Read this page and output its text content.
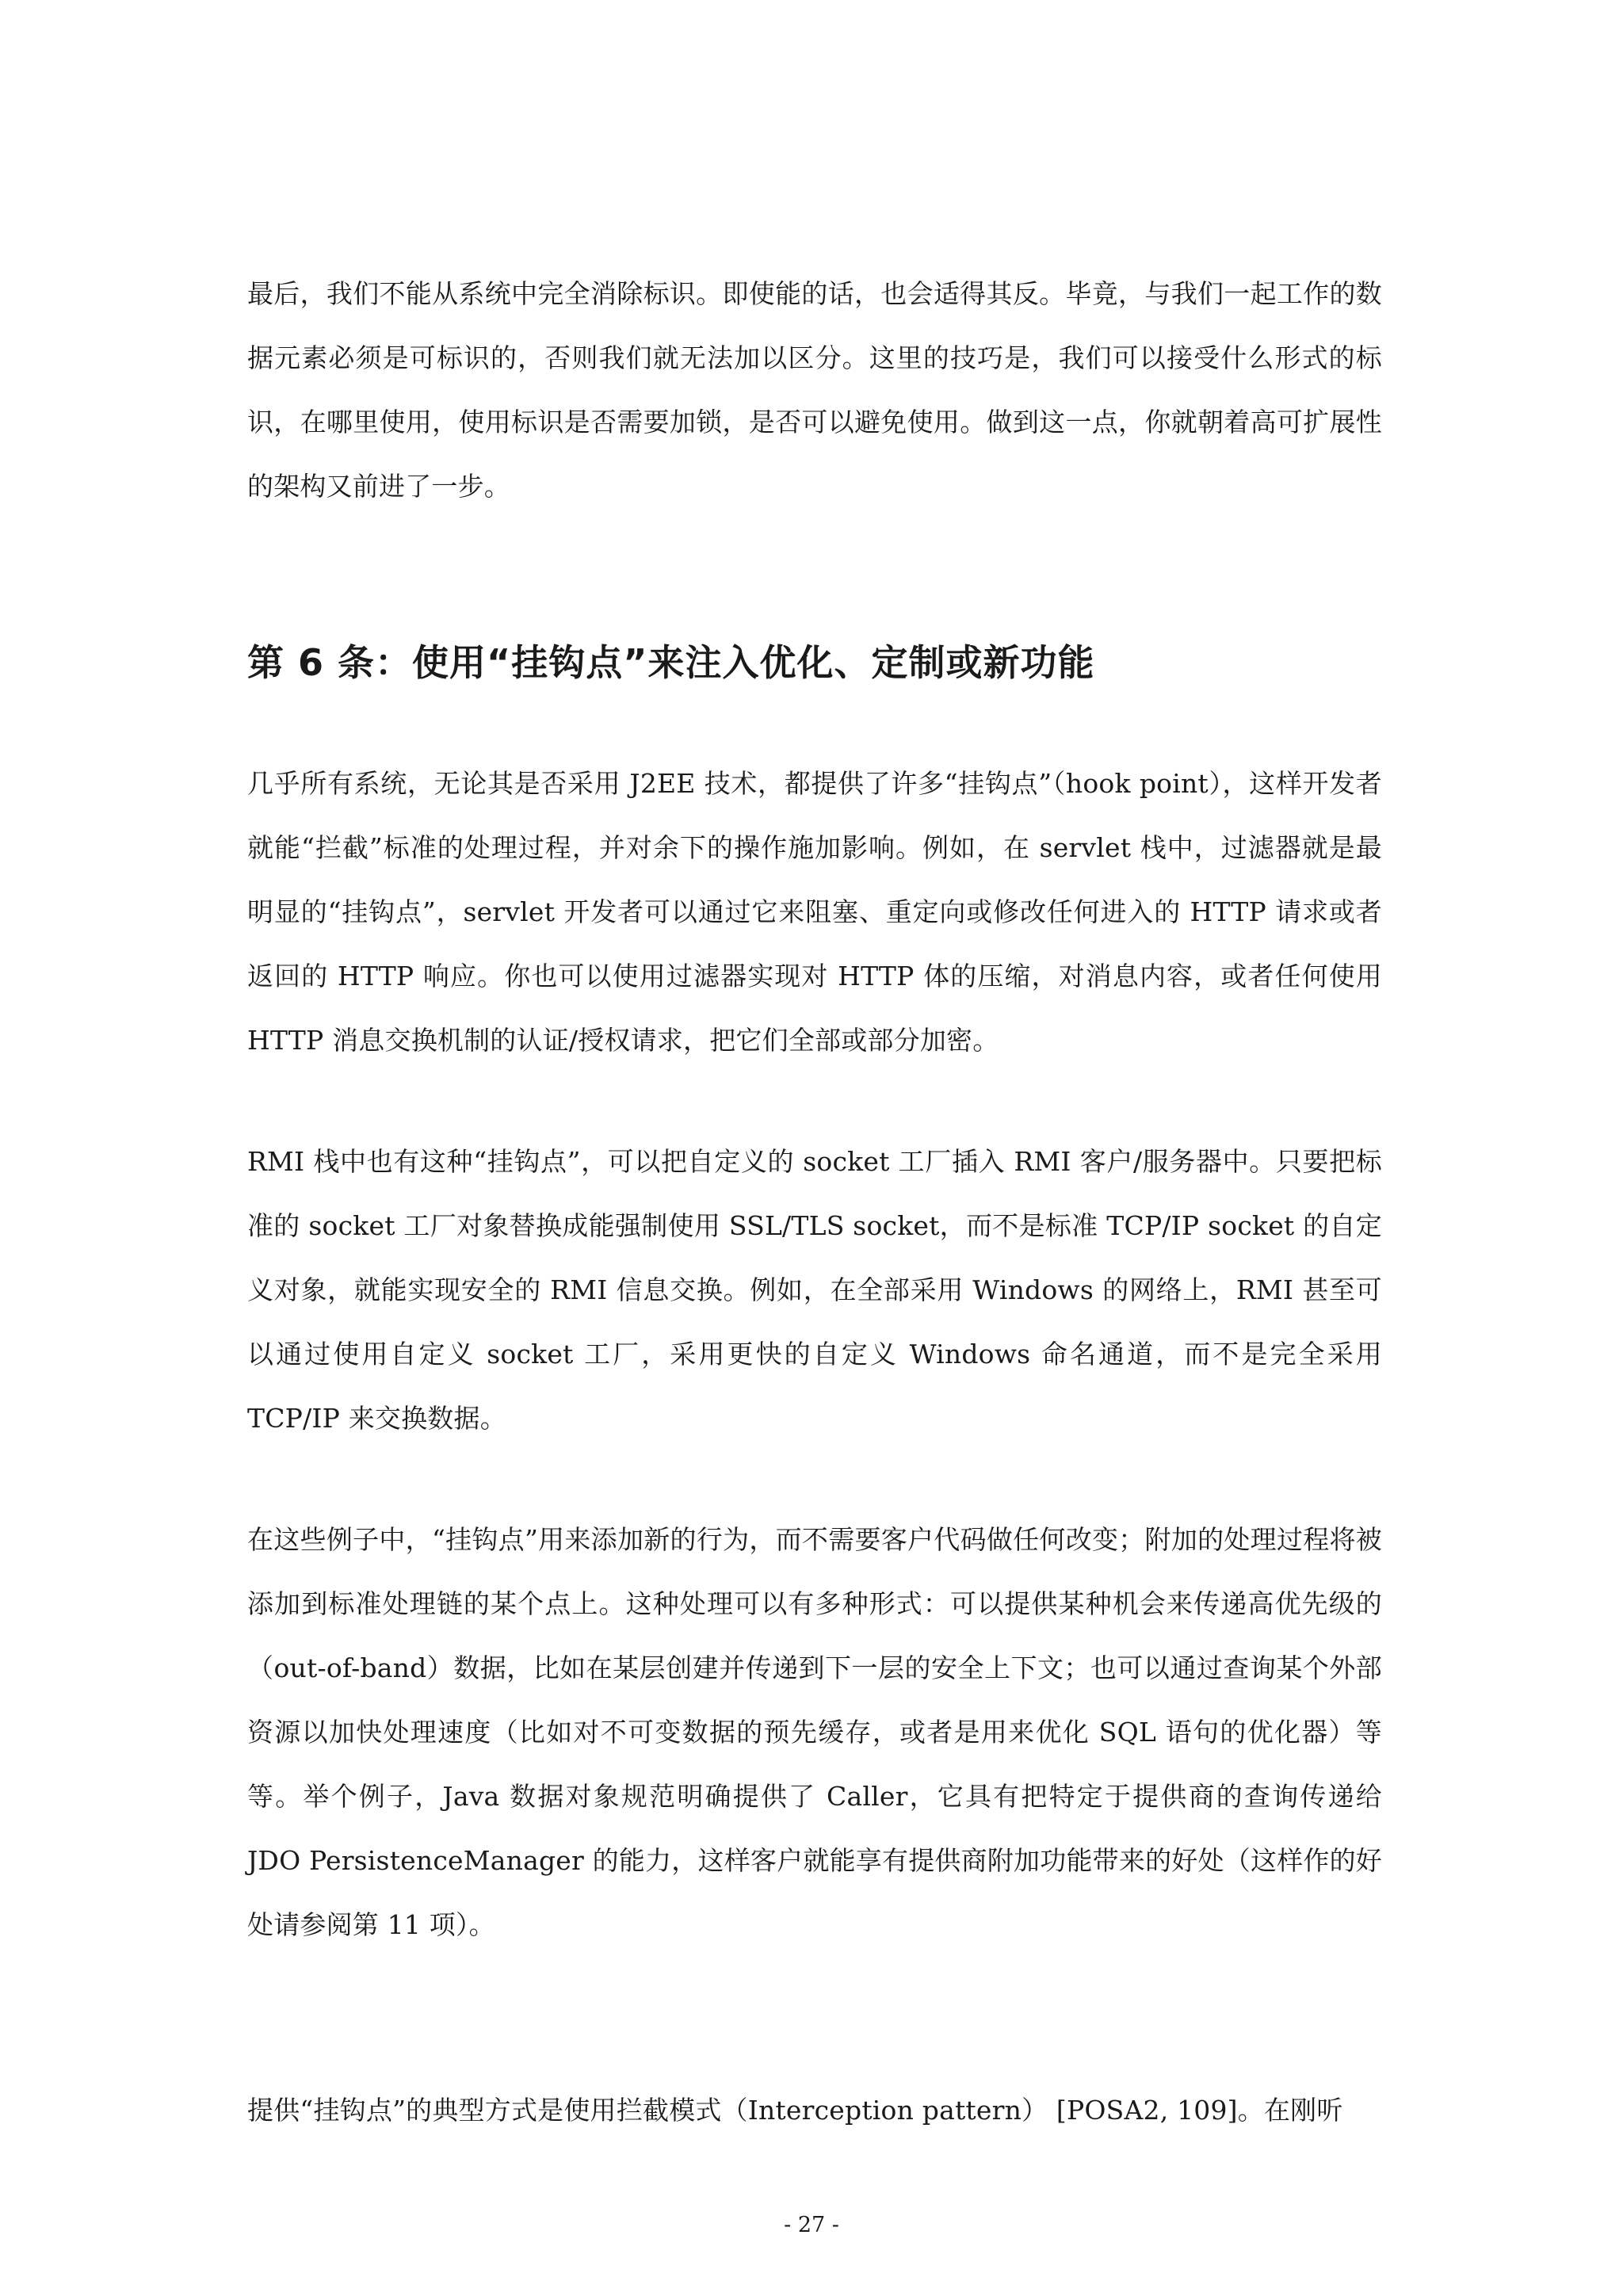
最后，我们不能从系统中完全消除标识。即使能的话，也会适得其反。毕竟，与我们一起工作的数据元素必须是可标识的，否则我们就无法加以区分。这里的技巧是，我们可以接受什么形式的标识，在哪里使用，使用标识是否需要加锁，是否可以避免使用。做到这一点，你就朝着高可扩展性的架构又前进了一步。

第 6 条：使用“挂钩点”来注入优化、定制或新功能

几乎所有系统，无论其是否采用 J2EE 技术，都提供了许多“挂钩点”（hook point），这样开发者就能“拦截”标准的处理过程，并对余下的操作施加影响。例如，在 servlet 栈中，过滤器就是最明显的“挂钩点”，servlet 开发者可以通过它来阻塞、重定向或修改任何进入的 HTTP 请求或者返回的 HTTP 响应。你也可以使用过滤器实现对 HTTP 体的压缩，对消息内容，或者任何使用 HTTP 消息交换机制的认证/授权请求，把它们全部或部分加密。

RMI 栈中也有这种“挂钩点”，可以把自定义的 socket 工厂插入 RMI 客户/服务器中。只要把标准的 socket 工厂对象替换成能强制使用 SSL/TLS socket，而不是标准 TCP/IP socket 的自定义对象，就能实现安全的 RMI 信息交换。例如，在全部采用 Windows 的网络上，RMI 甚至可以通过使用自定义 socket 工厂，采用更快的自定义 Windows 命名通道，而不是完全采用 TCP/IP 来交换数据。

在这些例子中，“挂钩点”用来添加新的行为，而不需要客户代码做任何改变；附加的处理过程将被添加到标准处理链的某个点上。这种处理可以有多种形式：可以提供某种机会来传递高优先级的（out-of-band）数据，比如在某层创建并传递到下一层的安全上下文；也可以通过查询某个外部资源以加快处理速度（比如对不可变数据的预先缓存，或者是用来优化 SQL 语句的优化器）等等。举个例子，Java 数据对象规范明确提供了 Caller，它具有把特定于提供商的查询传递给 JDO PersistenceManager 的能力，这样客户就能享有提供商附加功能带来的好处（这样作的好处请参阅第 11 项）。

提供“挂钩点”的典型方式是使用拦截模式（Interception pattern） [POSA2, 109]。在刚听

- 27 -
